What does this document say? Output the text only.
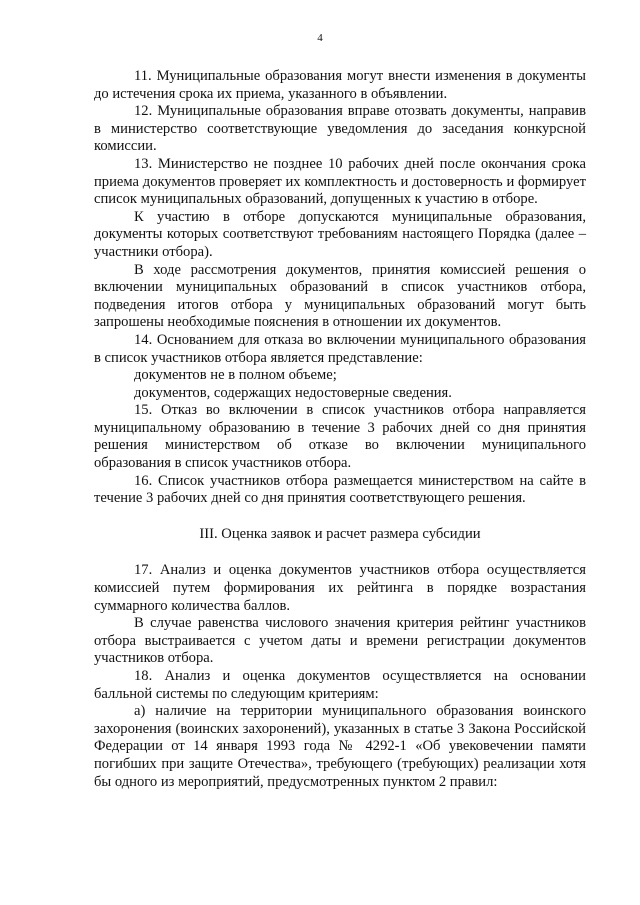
4

11. Муниципальные образования могут внести изменения в документы до истечения срока их приема, указанного в объявлении.

12. Муниципальные образования вправе отозвать документы, направив в министерство соответствующие уведомления до заседания конкурсной комиссии.

13. Министерство не позднее 10 рабочих дней после окончания срока приема документов проверяет их комплектность и достоверность и формирует список муниципальных образований, допущенных к участию в отборе.

К участию в отборе допускаются муниципальные образования, документы которых соответствуют требованиям настоящего Порядка (далее – участники отбора).

В ходе рассмотрения документов, принятия комиссией решения о включении муниципальных образований в список участников отбора, подведения итогов отбора у муниципальных образований могут быть запрошены необходимые пояснения в отношении их документов.

14. Основанием для отказа во включении муниципального образования в список участников отбора является представление:

документов не в полном объеме;

документов, содержащих недостоверные сведения.

15. Отказ во включении в список участников отбора направляется муниципальному образованию в течение 3 рабочих дней со дня принятия решения министерством об отказе во включении муниципального образования в список участников отбора.

16. Список участников отбора размещается министерством на сайте в течение 3 рабочих дней со дня принятия соответствующего решения.

III. Оценка заявок и расчет размера субсидии

17. Анализ и оценка документов участников отбора осуществляется комиссией путем формирования их рейтинга в порядке возрастания суммарного количества баллов.

В случае равенства числового значения критерия рейтинг участников отбора выстраивается с учетом даты и времени регистрации документов участников отбора.

18. Анализ и оценка документов осуществляется на основании балльной системы по следующим критериям:

а) наличие на территории муниципального образования воинского захоронения (воинских захоронений), указанных в статье 3 Закона Российской Федерации от 14 января 1993 года № 4292-1 «Об увековечении памяти погибших при защите Отечества», требующего (требующих) реализации хотя бы одного из мероприятий, предусмотренных пунктом 2 правил:
